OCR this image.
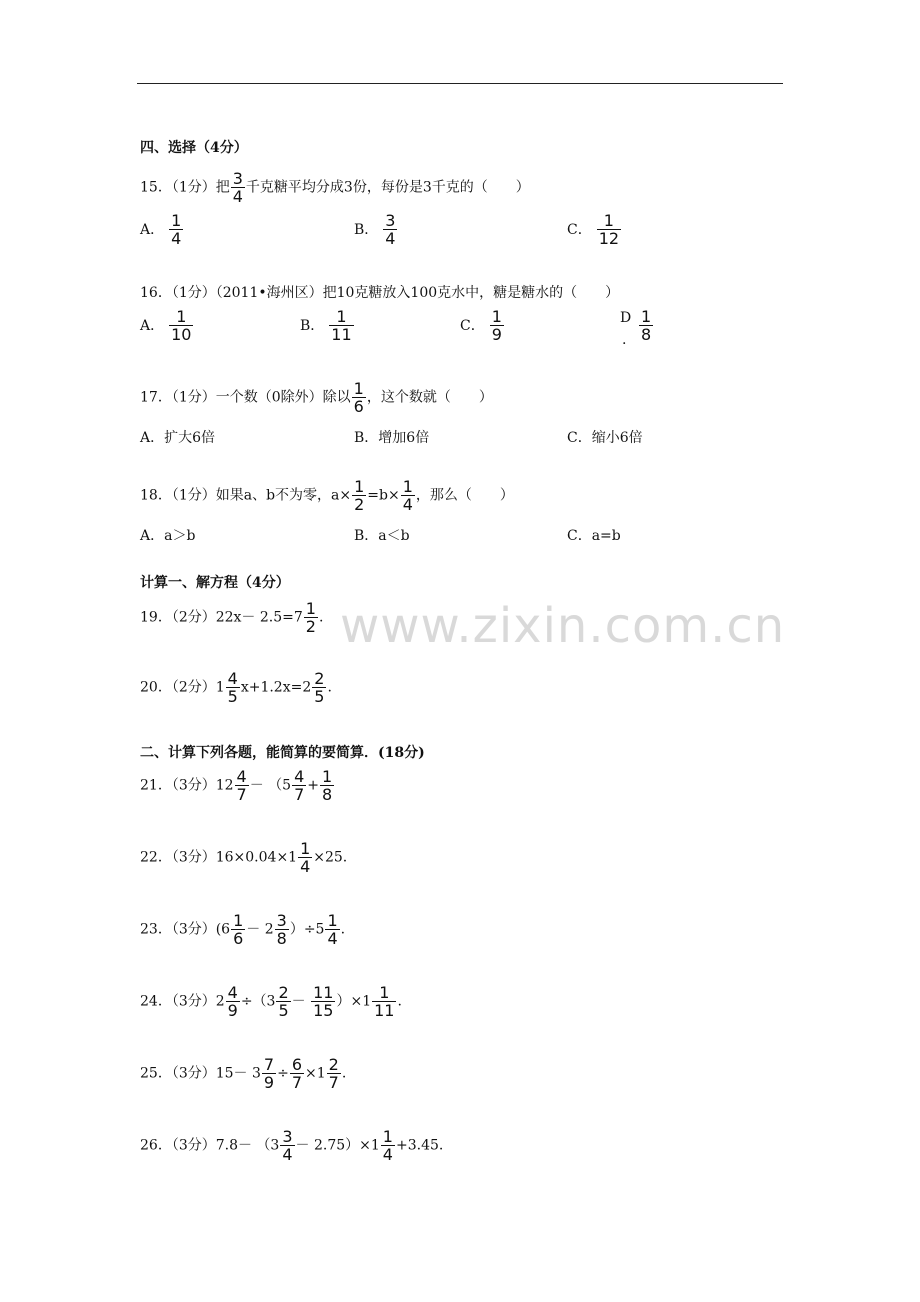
www.zixin.com.cn
四、选择（4分）
15．（1分）把 $\frac{3}{4}$ 千克糖平均分成3份，每份是3千克的（　　）
A． $\frac{1}{4}$	B． $\frac{3}{4}$	C． $\frac{1}{12}$
16．（1分）（2011•海州区）把10克糖放入100克水中，糖是糖水的（　　）
A． $\frac{1}{10}$	B． $\frac{1}{11}$	C． $\frac{1}{9}$	D
. $\frac{1}{8}$
17．（1分）一个数（0除外）除以 $\frac{1}{6}$ ，这个数就（　　）
A．扩大6倍	B．增加6倍	C．缩小6倍
18．（1分）如果a、b不为零，$a\times \frac{1}{2} =b\times \frac{1}{4}$ ，那么（　　）
A．a＞b	B．a＜b	C．a=b
计算一、解方程（4分）
19．（2分）$22x- 2.5=7 \frac{1}{2}$ .
20．（2分）$1 \frac{4}{5} x+1.2x=2 \frac{2}{5}$ .
二、计算下列各题，能简算的要简算．(18分)
21．（3分）$12 \frac{4}{7} - (5 \frac{4}{7} + \frac{1}{8}$
22．（3分）$16\times 0.04\times 1 \frac{1}{4} \times 25$.
23．（3分）$(6 \frac{1}{6} - 2 \frac{3}{8} )\div 5 \frac{1}{4}$ .
24．（3分）$2 \frac{4}{9} \div(3 \frac{2}{5} - \frac{11}{15} )\times 1 \frac{1}{11}$ .
25．（3分）$15- 3 \frac{7}{9} \div \frac{6}{7} \times 1 \frac{2}{7}$ .
26．（3分）$7.8- (3 \frac{3}{4} - 2.75)\times 1 \frac{1}{4} +3.45$.
